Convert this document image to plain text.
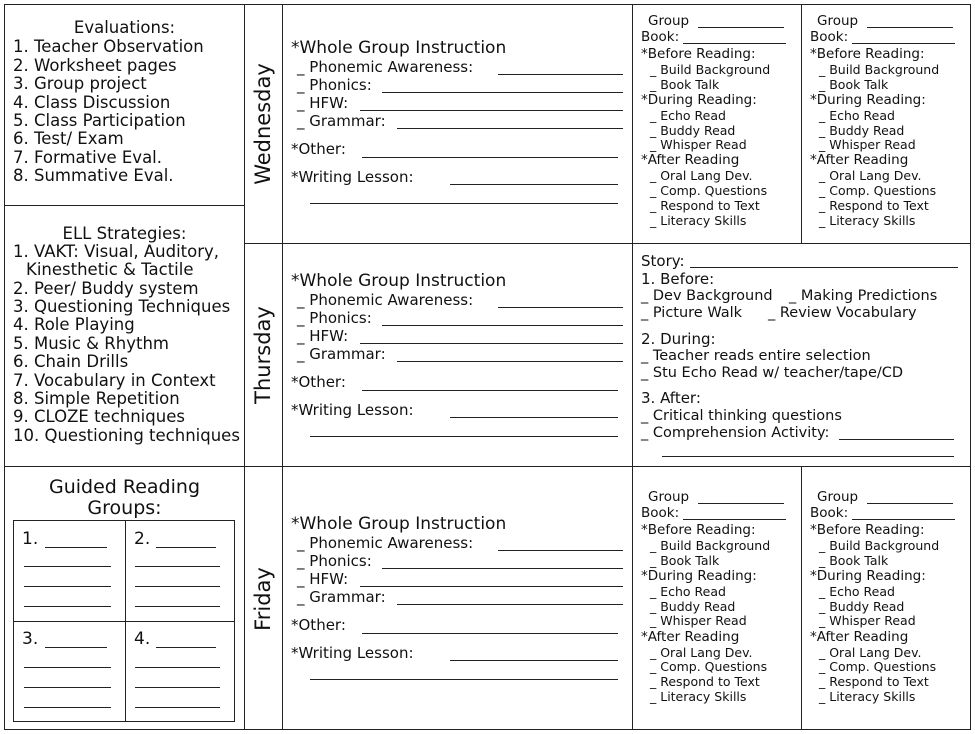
Evaluations:
1. Teacher Observation
2. Worksheet pages
3. Group project
4. Class Discussion
5. Class Participation
6. Test/ Exam
7. Formative Eval.
8. Summative Eval.
ELL Strategies:
1. VAKT: Visual, Auditory,
Kinesthetic & Tactile
2. Peer/ Buddy system
3. Questioning Techniques
4. Role Playing
5. Music & Rhythm
6. Chain Drills
7. Vocabulary in Context
8. Simple Repetition
9. CLOZE techniques
10. Questioning techniques
Guided Reading
Groups:
1.	2.
3.	4.
Wednesday
Thursday
Friday
*Whole Group Instruction
_ Phonemic Awareness:
_ Phonics:
_ HFW:
_ Grammar:
*Other:
*Writing Lesson:
*Whole Group Instruction
_ Phonemic Awareness:
_ Phonics:
_ HFW:
_ Grammar:
*Other:
*Writing Lesson:
*Whole Group Instruction
_ Phonemic Awareness:
_ Phonics:
_ HFW:
_ Grammar:
*Other:
*Writing Lesson:
Group
Book:
*Before Reading:
_ Build Background
_ Book Talk
*During Reading:
_ Echo Read
_ Buddy Read
_ Whisper Read
*After Reading
_ Oral Lang Dev.
_ Comp. Questions
_ Respond to Text
_ Literacy Skills
Group
Book:
*Before Reading:
_ Build Background
_ Book Talk
*During Reading:
_ Echo Read
_ Buddy Read
_ Whisper Read
*After Reading
_ Oral Lang Dev.
_ Comp. Questions
_ Respond to Text
_ Literacy Skills
Group
Book:
*Before Reading:
_ Build Background
_ Book Talk
*During Reading:
_ Echo Read
_ Buddy Read
_ Whisper Read
*After Reading
_ Oral Lang Dev.
_ Comp. Questions
_ Respond to Text
_ Literacy Skills
Group
Book:
*Before Reading:
_ Build Background
_ Book Talk
*During Reading:
_ Echo Read
_ Buddy Read
_ Whisper Read
*After Reading
_ Oral Lang Dev.
_ Comp. Questions
_ Respond to Text
_ Literacy Skills
Story:
1. Before:
_ Dev Background _ Making Predictions
_ Picture Walk _ Review Vocabulary
2. During:
_ Teacher reads entire selection
_ Stu Echo Read w/ teacher/tape/CD
3. After:
_ Critical thinking questions
_ Comprehension Activity:
